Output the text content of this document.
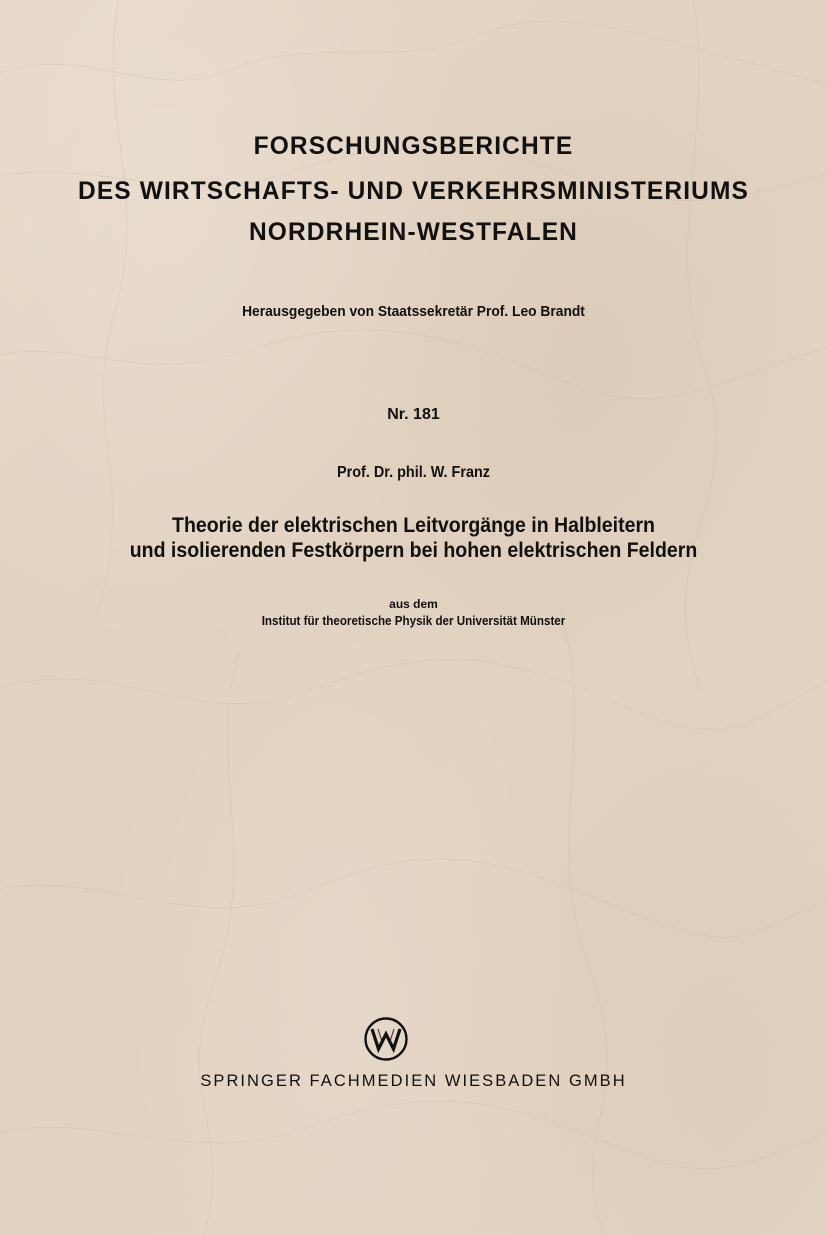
FORSCHUNGSBERICHTE
DES WIRTSCHAFTS- UND VERKEHRSMINISTERIUMS
NORDRHEIN-WESTFALEN

Herausgegeben von Staatssekretär Prof. Leo Brandt

Nr. 181

Prof. Dr. phil. W. Franz

Theorie der elektrischen Leitvorgänge in Halbleitern
und isolierenden Festkörpern bei hohen elektrischen Feldern

aus dem

Institut für theoretische Physik der Universität Münster

SPRINGER FACHMEDIEN WIESBADEN GMBH
